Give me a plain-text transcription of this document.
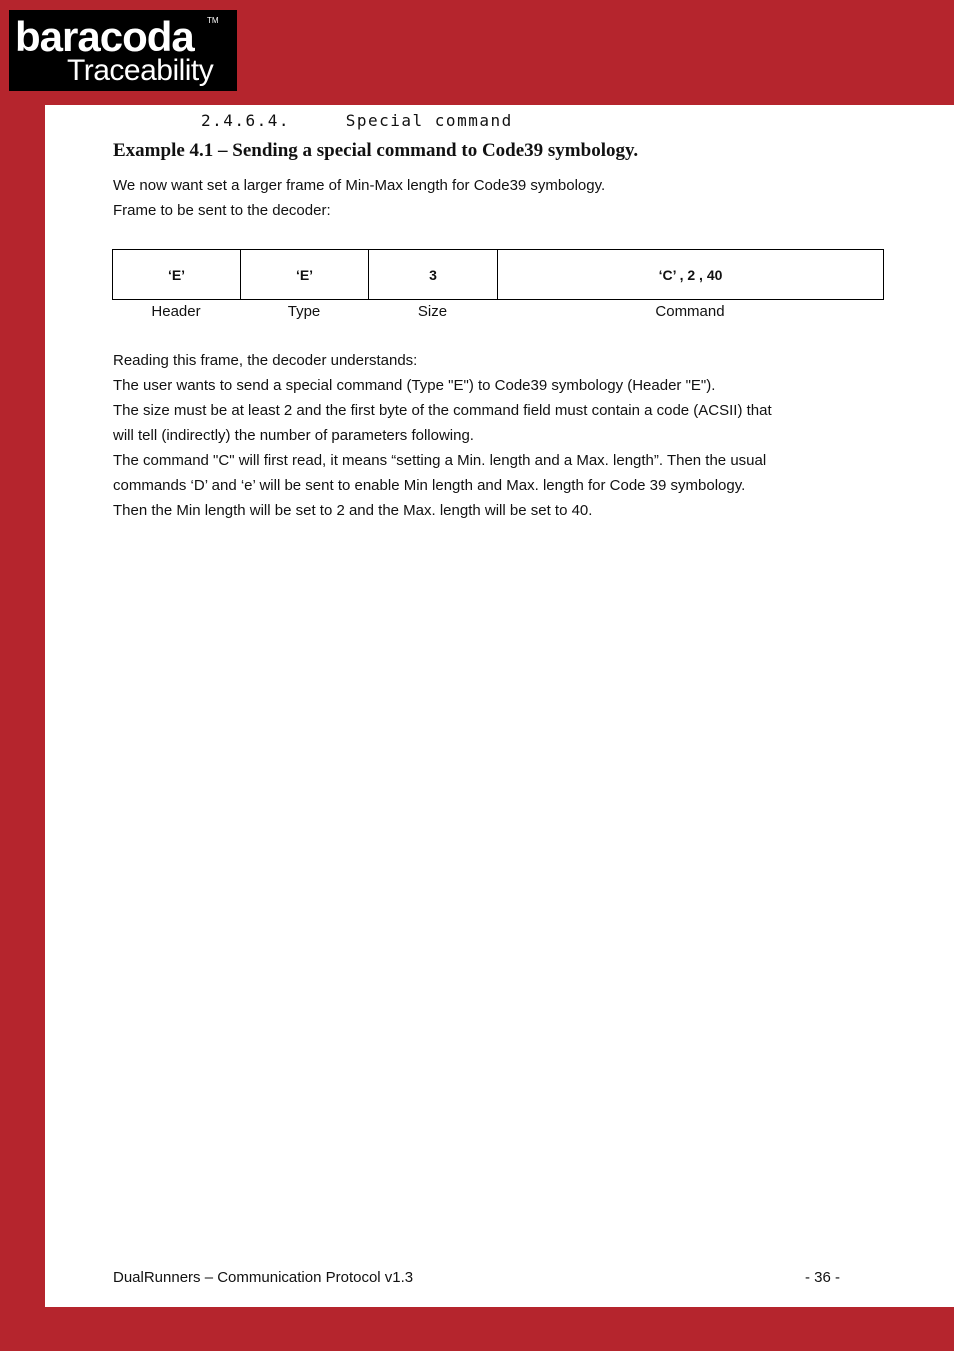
baracoda TM
Traceability
2.4.6.4.	Special command
Example 4.1 – Sending a special command to Code39 symbology.
We now want set a larger frame of Min-Max length for Code39 symbology.
Frame to be sent to the decoder:
‘E’	‘E’	3	‘C’ , 2 , 40
Header	Type	Size	Command
Reading this frame, the decoder understands:
The user wants to send a special command (Type "E") to Code39 symbology (Header "E").
The size must be at least 2 and the first byte of the command field must contain a code (ACSII) that
will tell (indirectly) the number of parameters following.
The command "C" will first read, it means “setting a Min. length and a Max. length”. Then the usual
commands ‘D’ and ‘e’ will be sent to enable Min length and Max. length for Code 39 symbology.
Then the Min length will be set to 2 and the Max. length will be set to 40.
DualRunners – Communication Protocol v1.3	- 36 -
